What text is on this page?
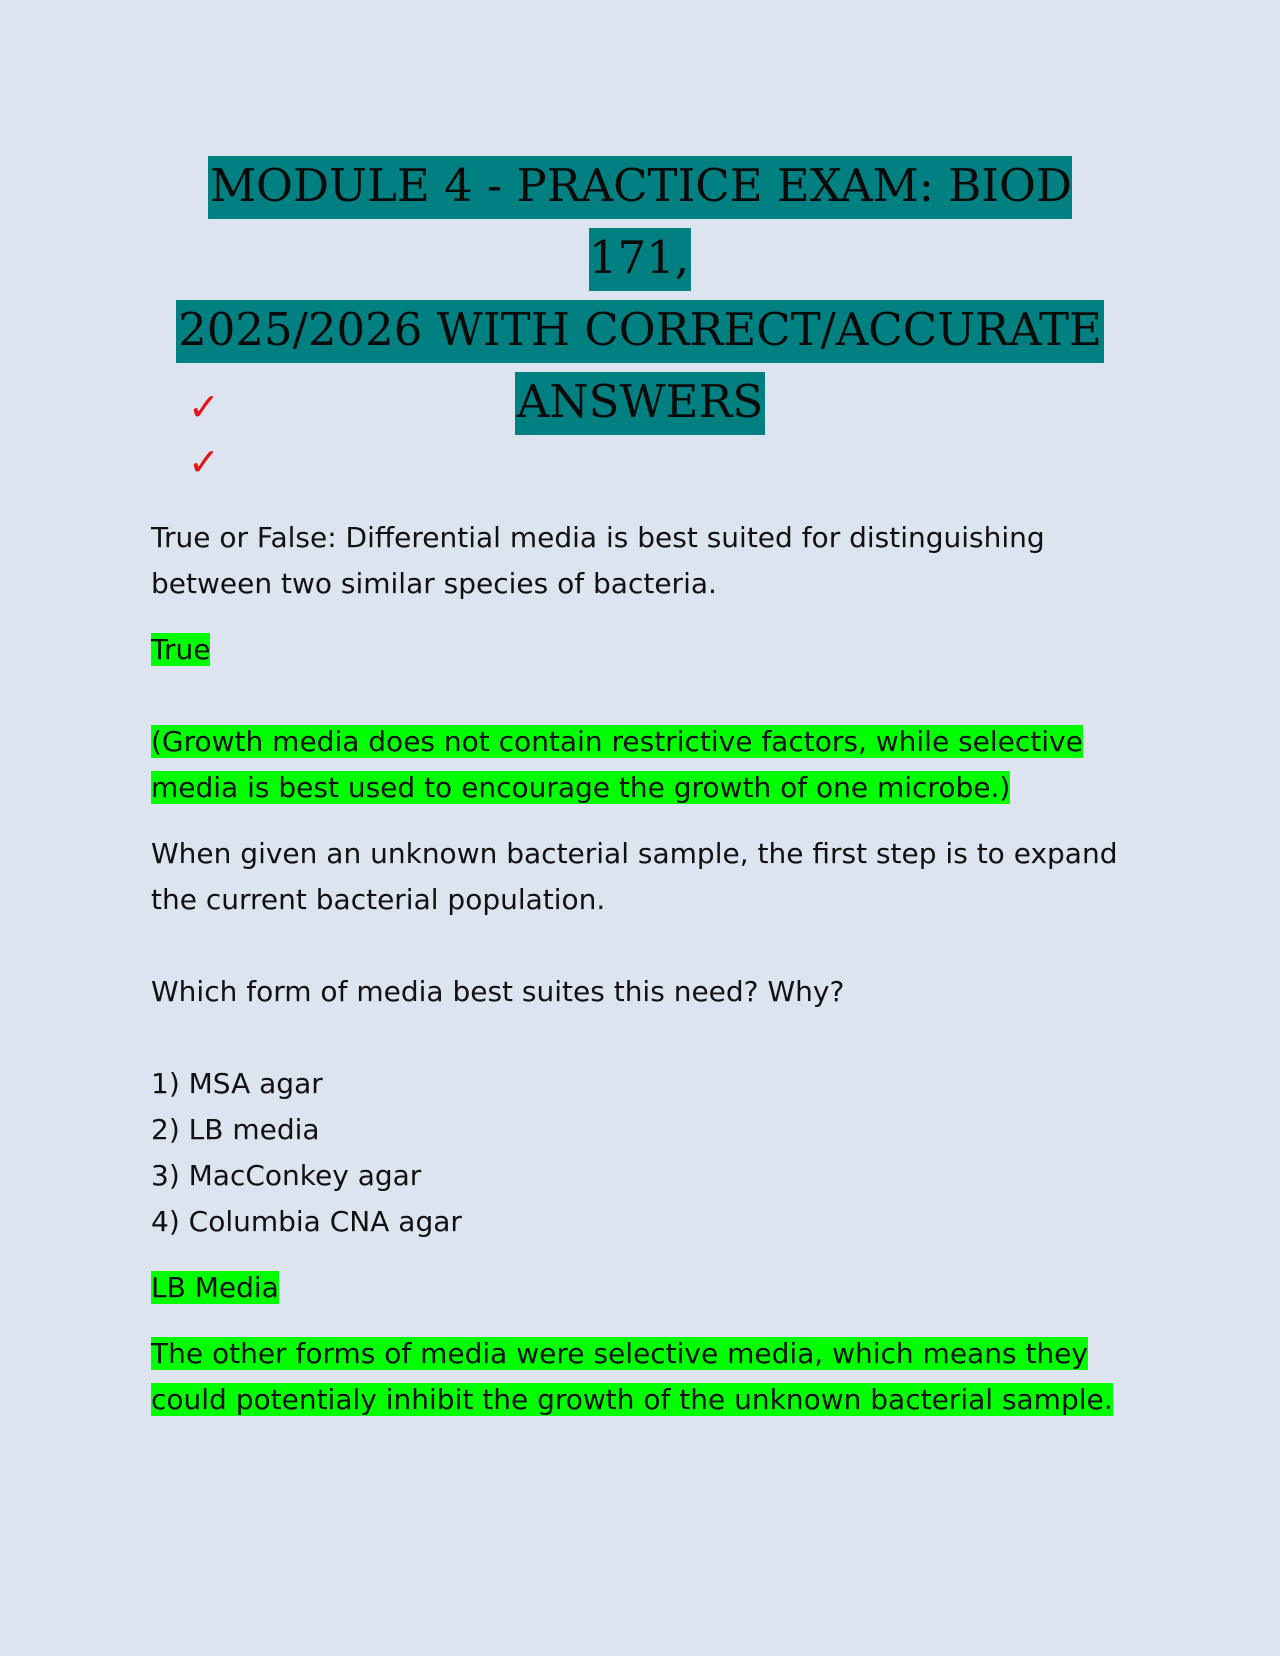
MODULE 4 - PRACTICE EXAM: BIOD 171,
2025/2026 WITH CORRECT/ACCURATE
ANSWERS
✓
✓

True or False: Differential media is best suited for distinguishing between two similar species of bacteria.

True

(Growth media does not contain restrictive factors, while selective
media is best used to encourage the growth of one microbe.)

When given an unknown bacterial sample, the first step is to expand the current bacterial population.

Which form of media best suites this need? Why?

1) MSA agar
2) LB media
3) MacConkey agar
4) Columbia CNA agar

LB Media

The other forms of media were selective media, which means they
could potentialy inhibit the growth of the unknown bacterial sample.
